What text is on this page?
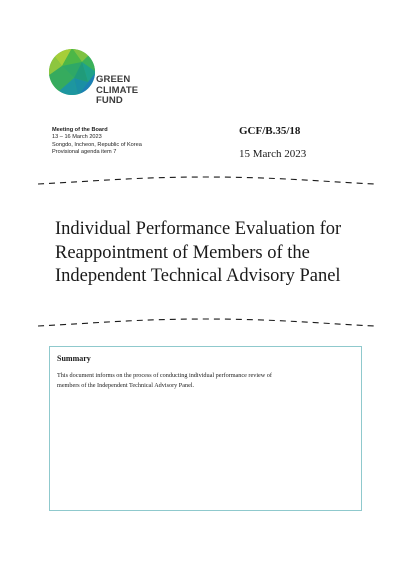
GREEN
CLIMATE
FUND
Meeting of the Board
13 – 16 March 2023
Songdo, Incheon, Republic of Korea
Provisional agenda item 7
GCF/B.35/18
15 March 2023
Individual Performance Evaluation for
Reappointment of Members of the
Independent Technical Advisory Panel
Summary
This document informs on the process of conducting individual performance review of
members of the Independent Technical Advisory Panel.
